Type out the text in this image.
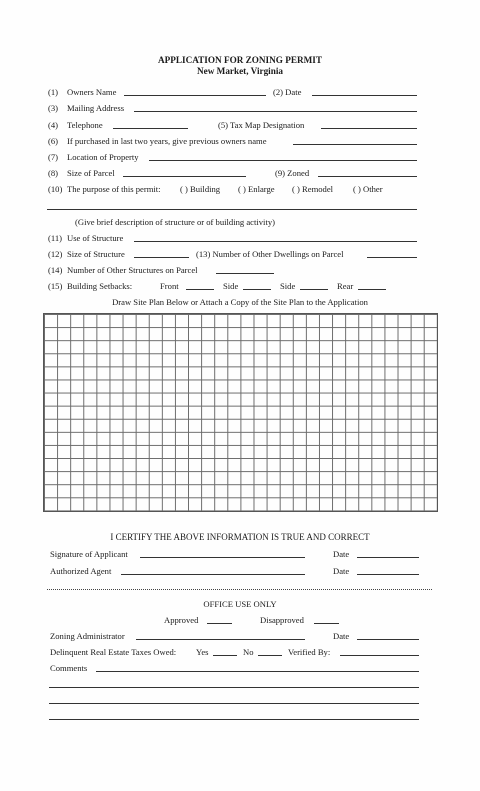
APPLICATION FOR ZONING PERMIT
New Market, Virginia
(1) Owners Name	(2) Date
(3) Mailing Address
(4) Telephone	(5) Tax Map Designation
(6) If purchased in last two years, give previous owners name
(7) Location of Property
(8) Size of Parcel	(9) Zoned
(10) The purpose of this permit: ( ) Building ( ) Enlarge ( ) Remodel ( ) Other
(Give brief description of structure or of building activity)
(11) Use of Structure
(12) Size of Structure	(13) Number of Other Dwellings on Parcel
(14) Number of Other Structures on Parcel
(15) Building Setbacks:	Front	Side	Side	Rear
Draw Site Plan Below or Attach a Copy of the Site Plan to the Application
I CERTIFY THE ABOVE INFORMATION IS TRUE AND CORRECT
Signature of Applicant	Date
Authorized Agent	Date
OFFICE USE ONLY
Approved	Disapproved
Zoning Administrator	Date
Delinquent Real Estate Taxes Owed: Yes	No	Verified By:
Comments
